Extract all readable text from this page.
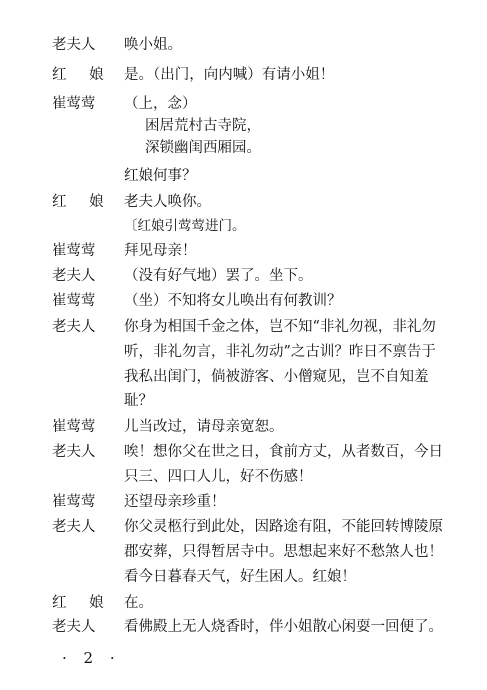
老夫人	唤小姐。
红 娘 是。（出门，向内喊）有请小姐！
崔莺莺	（上，念）
困居荒村古寺院，
深锁幽闺西厢园。
红娘何事？
红 娘 老夫人唤你。
〔红娘引莺莺进门。
崔莺莺	拜见母亲！
老夫人	（没有好气地）罢了。坐下。
崔莺莺	（坐）不知将女儿唤出有何教训？
老夫人	你身为相国千金之体，岂不知“非礼勿视，非礼勿
听，非礼勿言，非礼勿动”之古训？昨日不禀告于
我私出闺门，倘被游客、小僧窥见，岂不自知羞
耻？
崔莺莺	儿当改过，请母亲宽恕。
老夫人	唉！想你父在世之日，食前方丈，从者数百，今日
只三、四口人儿，好不伤感！
崔莺莺	还望母亲珍重！
老夫人	你父灵柩行到此处，因路途有阻，不能回转博陵原
郡安葬，只得暂居寺中。思想起来好不愁煞人也！
看今日暮春天气，好生困人。红娘！
红 娘 在。
老夫人	看佛殿上无人烧香时，伴小姐散心闲耍一回便了。
· 2 ·
